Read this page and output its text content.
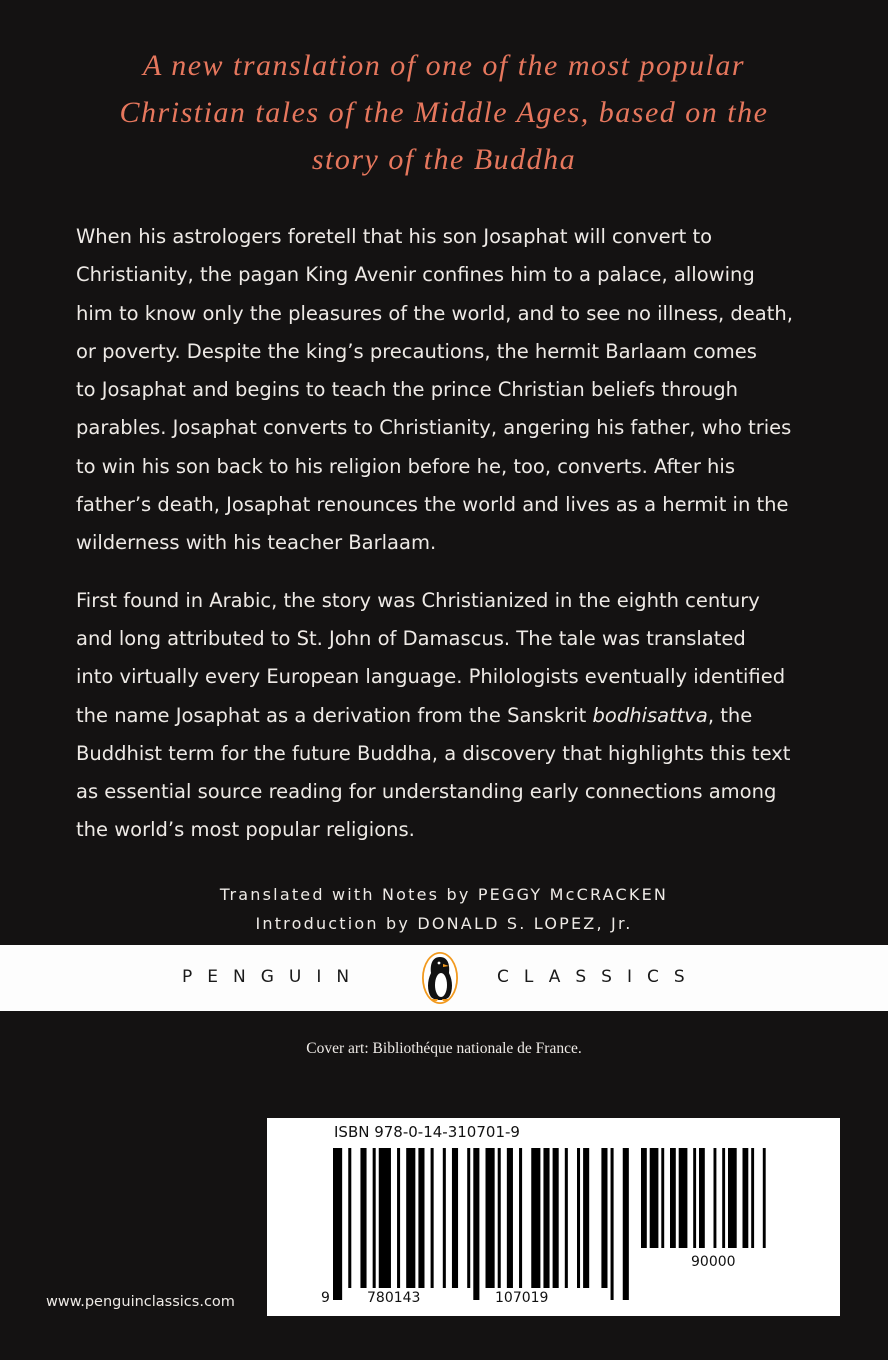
A new translation of one of the most popular
Christian tales of the Middle Ages, based on the
story of the Buddha
When his astrologers foretell that his son Josaphat will convert to
Christianity, the pagan King Avenir confines him to a palace, allowing
him to know only the pleasures of the world, and to see no illness, death,
or poverty. Despite the king’s precautions, the hermit Barlaam comes
to Josaphat and begins to teach the prince Christian beliefs through
parables. Josaphat converts to Christianity, angering his father, who tries
to win his son back to his religion before he, too, converts. After his
father’s death, Josaphat renounces the world and lives as a hermit in the
wilderness with his teacher Barlaam.
First found in Arabic, the story was Christianized in the eighth century
and long attributed to St. John of Damascus. The tale was translated
into virtually every European language. Philologists eventually identified
the name Josaphat as a derivation from the Sanskrit bodhisattva, the
Buddhist term for the future Buddha, a discovery that highlights this text
as essential source reading for understanding early connections among
the world’s most popular religions.
Translated with Notes by PEGGY McCRACKEN
Introduction by DONALD S. LOPEZ, Jr.
PENGUIN	CLASSICS
Cover art: Bibliothéque nationale de France.
www.penguinclassics.com
ISBN 978-0-14-310701-9
9	780143	107019
90000
